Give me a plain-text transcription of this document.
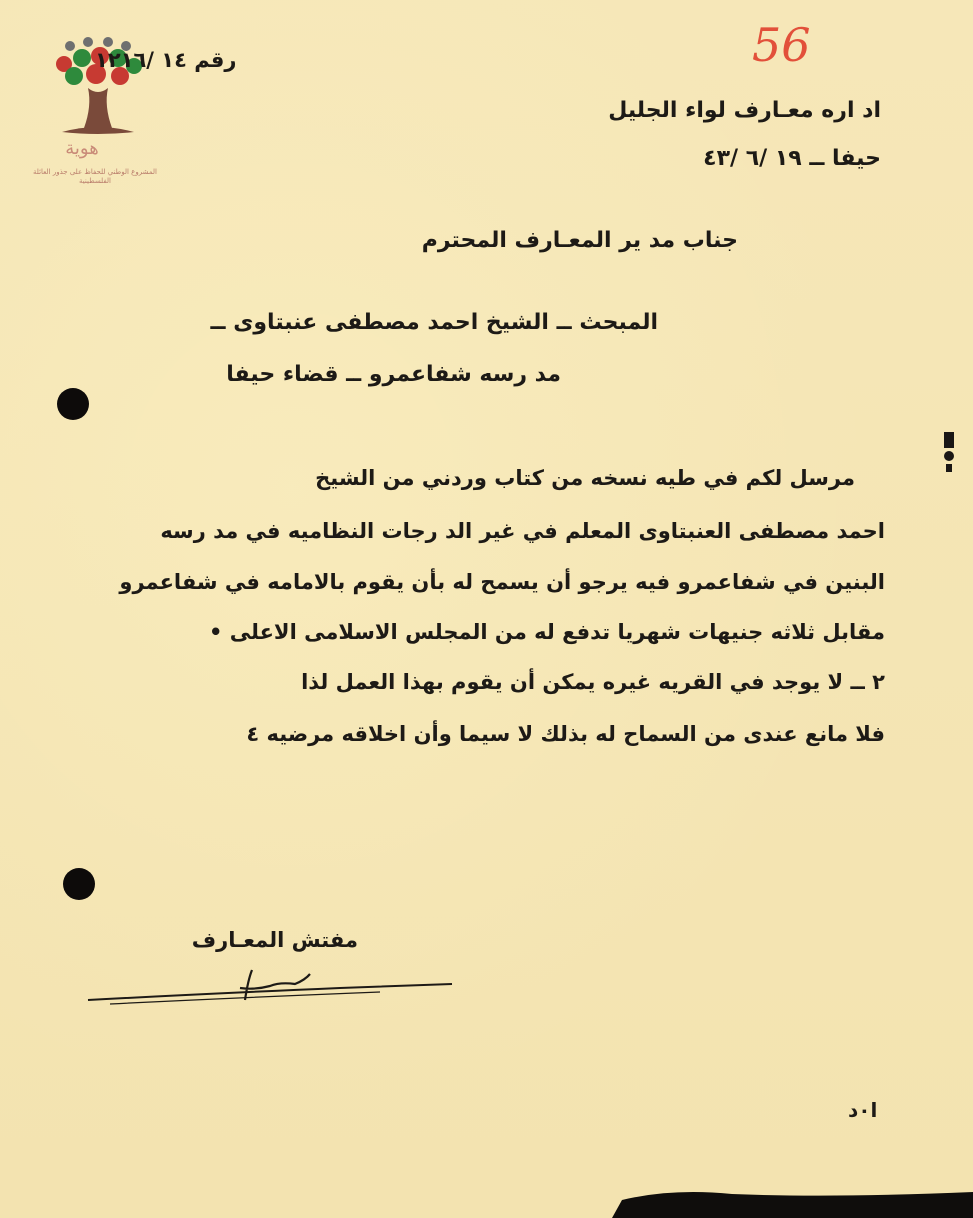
هوية
المشروع الوطني للحفاظ على جذور العائلة الفلسطينية
رقم ١٤ /١٢١٦	56
اد اره معـارف لواء الجليل
حيفا ــ ١٩ /٦ /٤٣
جناب مد ير المعـارف المحترم
المبحث ــ الشيخ احمد مصطفى عنبتاوى ــ
مد رسه شفاعمرو ــ قضاء حيفا
مرسل لكم في طيه نسخه من كتاب وردني من الشيخ
احمد مصطفى العنبتاوى المعلم في غير الد رجات النظاميه في مد رسه
البنين في شفاعمرو فيه يرجو أن يسمح له بأن يقوم بالامامه في شفاعمرو
مقابل ثلاثه جنيهات شهريا تدفع له من المجلس الاسلامى الاعلى •
٢ ــ لا يوجد في القريه غيره يمكن أن يقوم بهذا العمل لذا
فلا مانع عندى من السماح له بذلك لا سيما وأن اخلاقه مرضيه ٤
مفتش المعـارف
ا٠د
